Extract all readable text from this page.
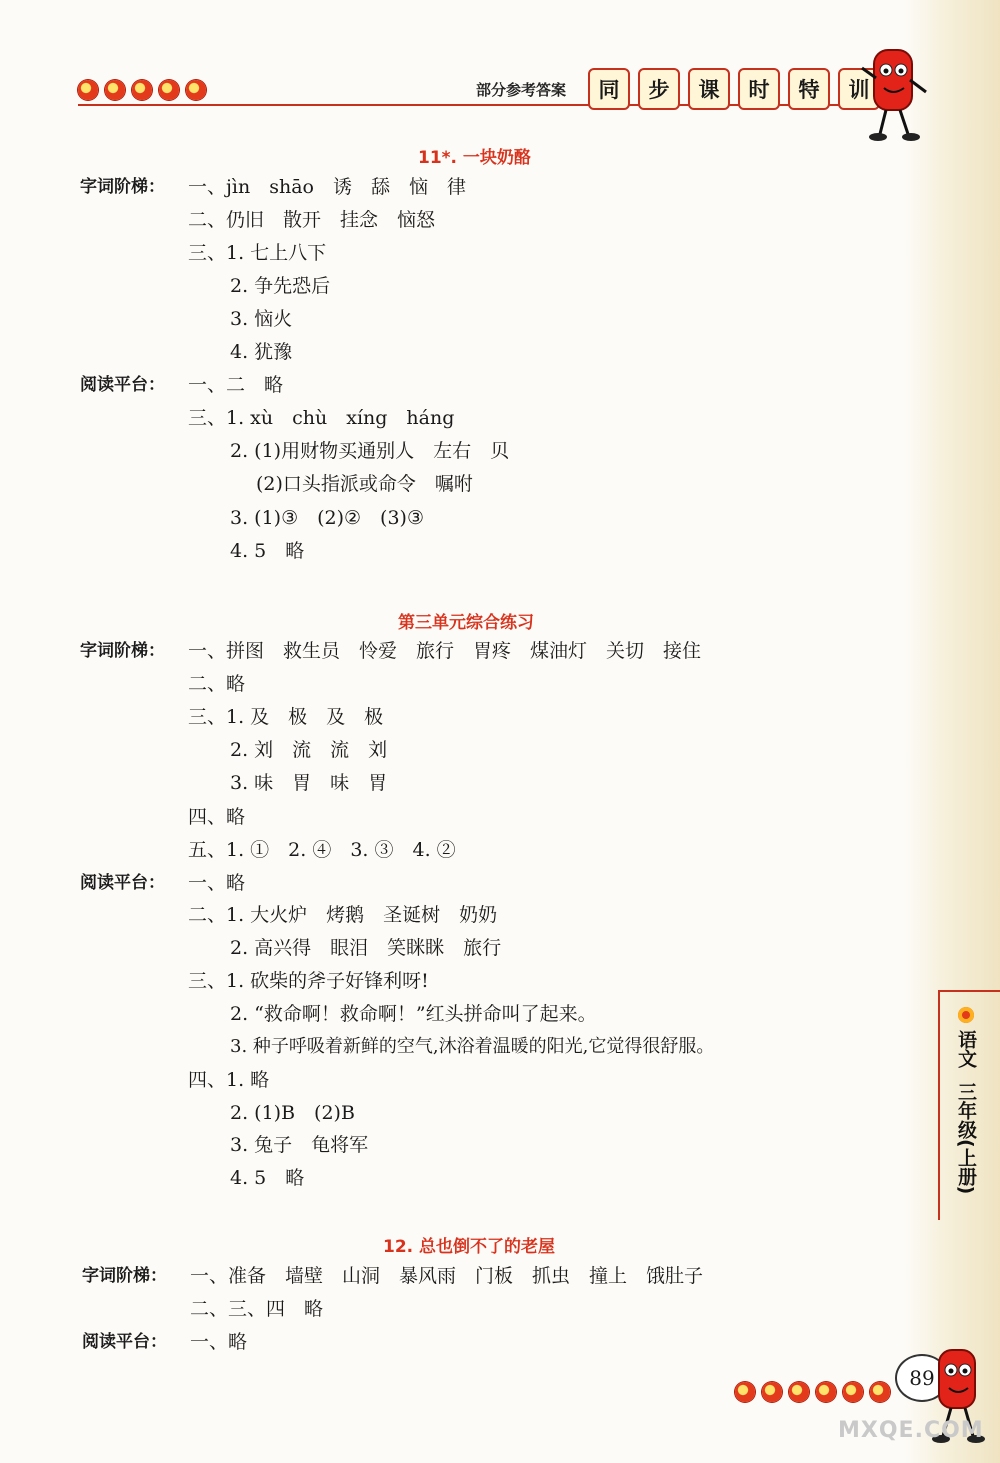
部分参考答案	同	步	课	时	特	训
11*. 一块奶酪
字词阶梯： 一、jìn　shāo　诱　舔　恼　律
二、仍旧　散开　挂念　恼怒
三、1. 七上八下
2. 争先恐后
3. 恼火
4. 犹豫
阅读平台： 一、二　略
三、1. xù　chù　xíng　háng
2. (1)用财物买通别人　左右　贝
(2)口头指派或命令　嘱咐
3. (1)③　(2)②　(3)③
4. 5　略
第三单元综合练习
字词阶梯： 一、拼图　救生员　怜爱　旅行　胃疼　煤油灯　关切　接住
二、略
三、1. 及　极　及　极
2. 刘　流　流　刘
3. 味　胃　味　胃
四、略
五、1. ①　2. ④　3. ③　4. ②
阅读平台： 一、略
二、1. 大火炉　烤鹅　圣诞树　奶奶
2. 高兴得　眼泪　笑眯眯　旅行
三、1. 砍柴的斧子好锋利呀!
2. “救命啊！救命啊！”红头拼命叫了起来。
3. 种子呼吸着新鲜的空气,沐浴着温暖的阳光,它觉得很舒服。
四、1. 略
2. (1)B　(2)B
3. 兔子　龟将军
4. 5　略
12. 总也倒不了的老屋
字词阶梯： 一、准备　墙壁　山洞　暴风雨　门板　抓虫　撞上　饿肚子
二、三、四　略
阅读平台： 一、略
语文
三年级(上册)
89
MXQE.COM
